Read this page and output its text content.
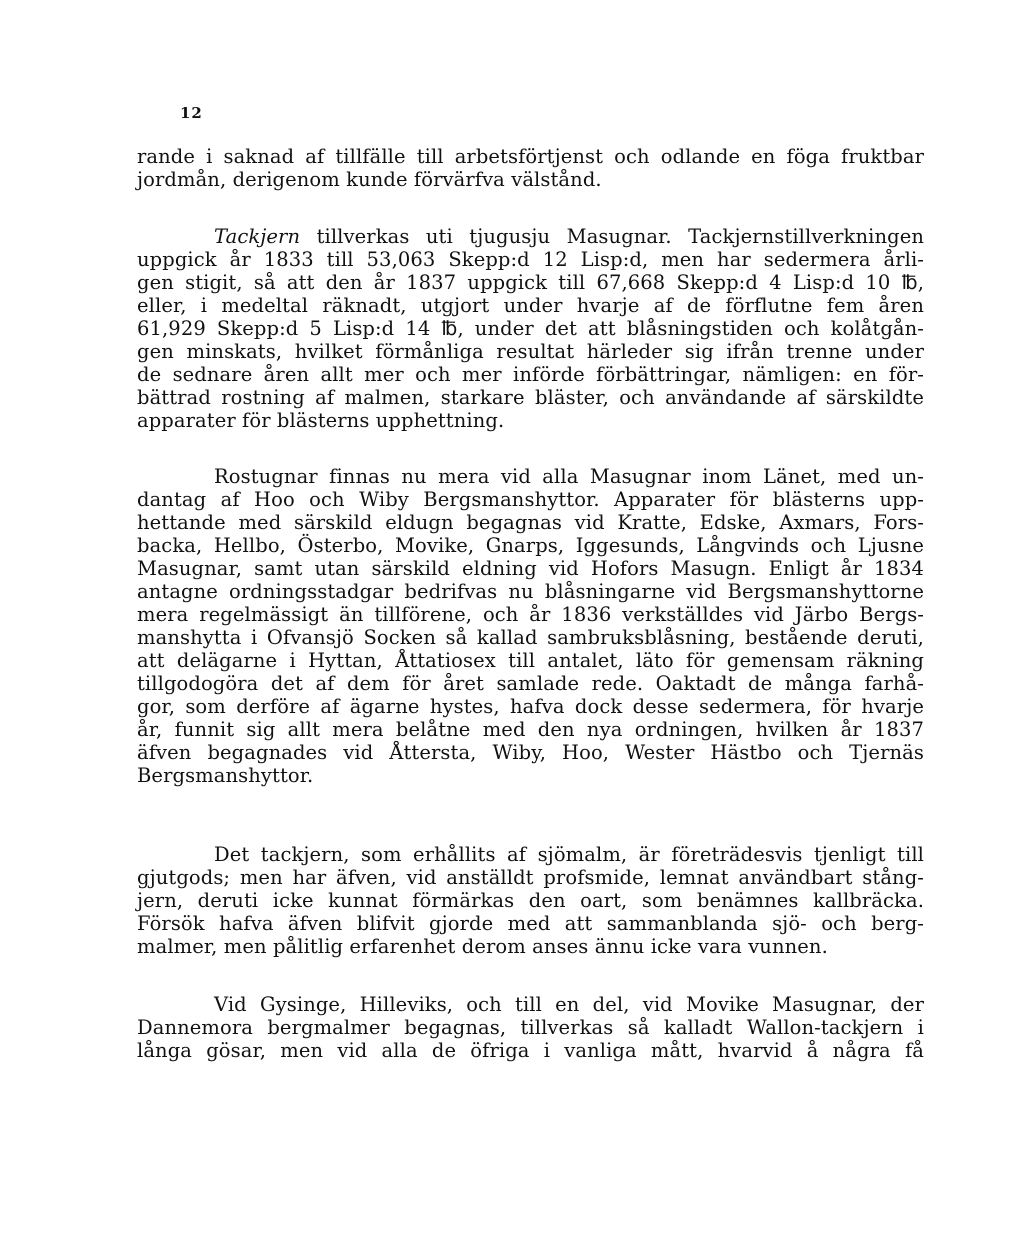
12

rande i saknad af tillfälle till arbetsförtjenst och odlande en föga fruktbar
jordmån, derigenom kunde förvärfva välstånd.

Tackjern tillverkas uti tjugusju Masugnar. Tackjernstillverkningen
uppgick år 1833 till 53,063 Skepp:d 12 Lisp:d, men har sedermera årli-
gen stigit, så att den år 1837 uppgick till 67,668 Skepp:d 4 Lisp:d 10 ℔,
eller, i medeltal räknadt, utgjort under hvarje af de förflutne fem åren
61,929 Skepp:d 5 Lisp:d 14 ℔, under det att blåsningstiden och kolåtgån-
gen minskats, hvilket förmånliga resultat härleder sig ifrån trenne under
de sednare åren allt mer och mer införde förbättringar, nämligen: en för-
bättrad rostning af malmen, starkare bläster, och användande af särskildte
apparater för blästerns upphettning.

Rostugnar finnas nu mera vid alla Masugnar inom Länet, med un-
dantag af Hoo och Wiby Bergsmanshyttor. Apparater för blästerns upp-
hettande med särskild eldugn begagnas vid Kratte, Edske, Axmars, Fors-
backa, Hellbo, Österbo, Movike, Gnarps, Iggesunds, Långvinds och Ljusne
Masugnar, samt utan särskild eldning vid Hofors Masugn. Enligt år 1834
antagne ordningsstadgar bedrifvas nu blåsningarne vid Bergsmanshyttorne
mera regelmässigt än tillförene, och år 1836 verkställdes vid Järbo Bergs-
manshytta i Ofvansjö Socken så kallad sambruksblåsning, bestående deruti,
att delägarne i Hyttan, Åttatiosex till antalet, läto för gemensam räkning
tillgodogöra det af dem för året samlade rede. Oaktadt de många farhå-
gor, som derföre af ägarne hystes, hafva dock desse sedermera, för hvarje
år, funnit sig allt mera belåtne med den nya ordningen, hvilken år 1837
äfven begagnades vid Åttersta, Wiby, Hoo, Wester Hästbo och Tjernäs
Bergsmanshyttor.

Det tackjern, som erhållits af sjömalm, är företrädesvis tjenligt till
gjutgods; men har äfven, vid anställdt profsmide, lemnat användbart stång-
jern, deruti icke kunnat förmärkas den oart, som benämnes kallbräcka.
Försök hafva äfven blifvit gjorde med att sammanblanda sjö- och berg-
malmer, men pålitlig erfarenhet derom anses ännu icke vara vunnen.

Vid Gysinge, Hilleviks, och till en del, vid Movike Masugnar, der
Dannemora bergmalmer begagnas, tillverkas så kalladt Wallon-tackjern i
långa gösar, men vid alla de öfriga i vanliga mått, hvarvid å några få
